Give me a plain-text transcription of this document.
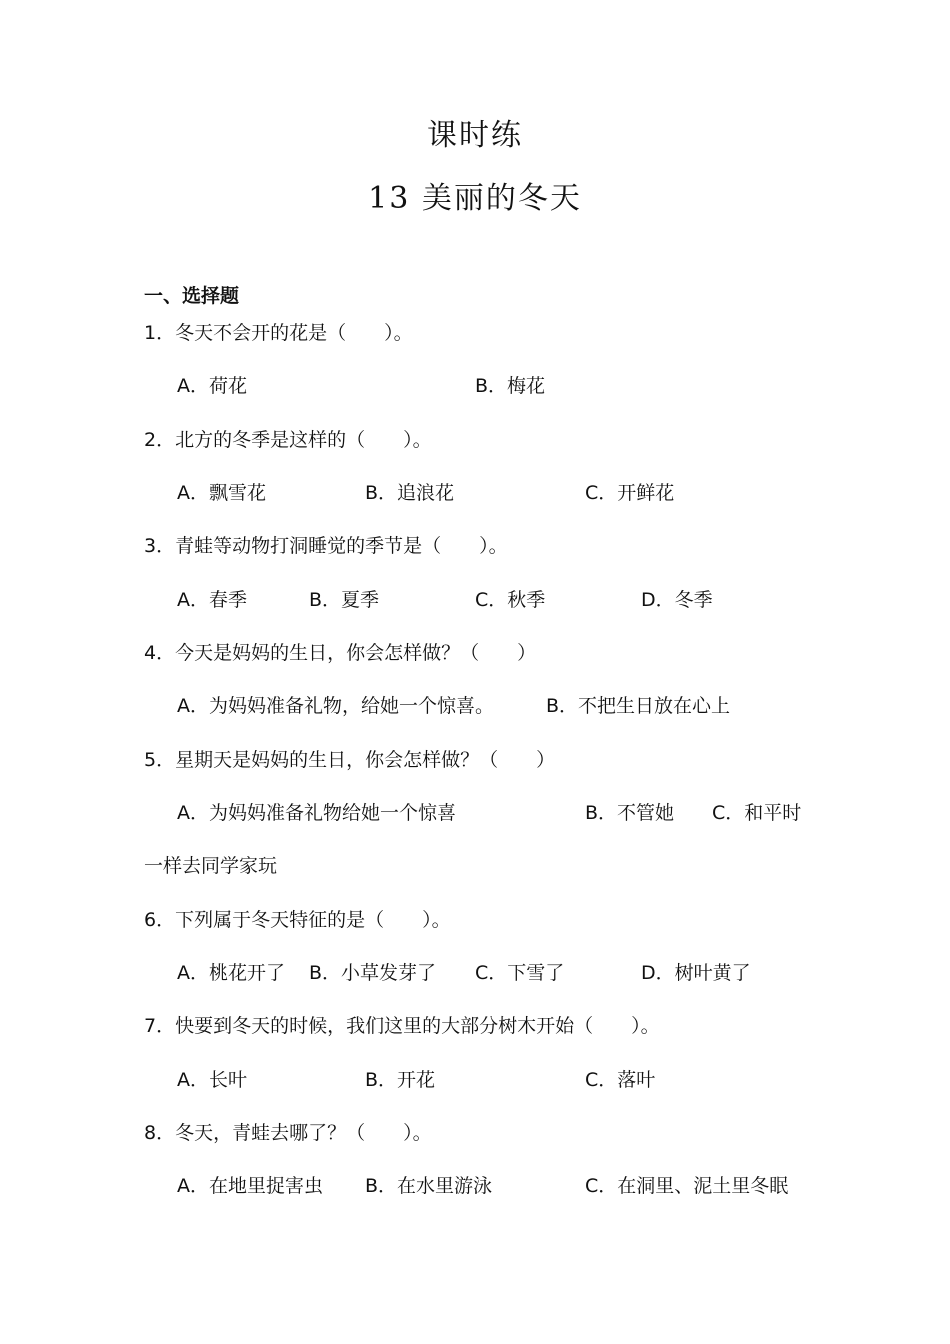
课时练
13 美丽的冬天
一、选择题
1．冬天不会开的花是（　　）。
A．荷花	B．梅花
2．北方的冬季是这样的（　　）。
A．飘雪花	B．追浪花	C．开鲜花
3．青蛙等动物打洞睡觉的季节是（　　）。
A．春季	B．夏季	C．秋季	D．冬季
4．今天是妈妈的生日，你会怎样做？（　　）
A．为妈妈准备礼物，给她一个惊喜。	B．不把生日放在心上
5．星期天是妈妈的生日，你会怎样做？（　　）
A．为妈妈准备礼物给她一个惊喜	B．不管她 C．和平时
一样去同学家玩
6．下列属于冬天特征的是（　　）。
A．桃花开了 B．小草发芽了 C．下雪了	D．树叶黄了
7．快要到冬天的时候，我们这里的大部分树木开始（　　）。
A．长叶	B．开花	C．落叶
8．冬天，青蛙去哪了？（　　）。
A．在地里捉害虫 B．在水里游泳	C．在洞里、泥土里冬眠
